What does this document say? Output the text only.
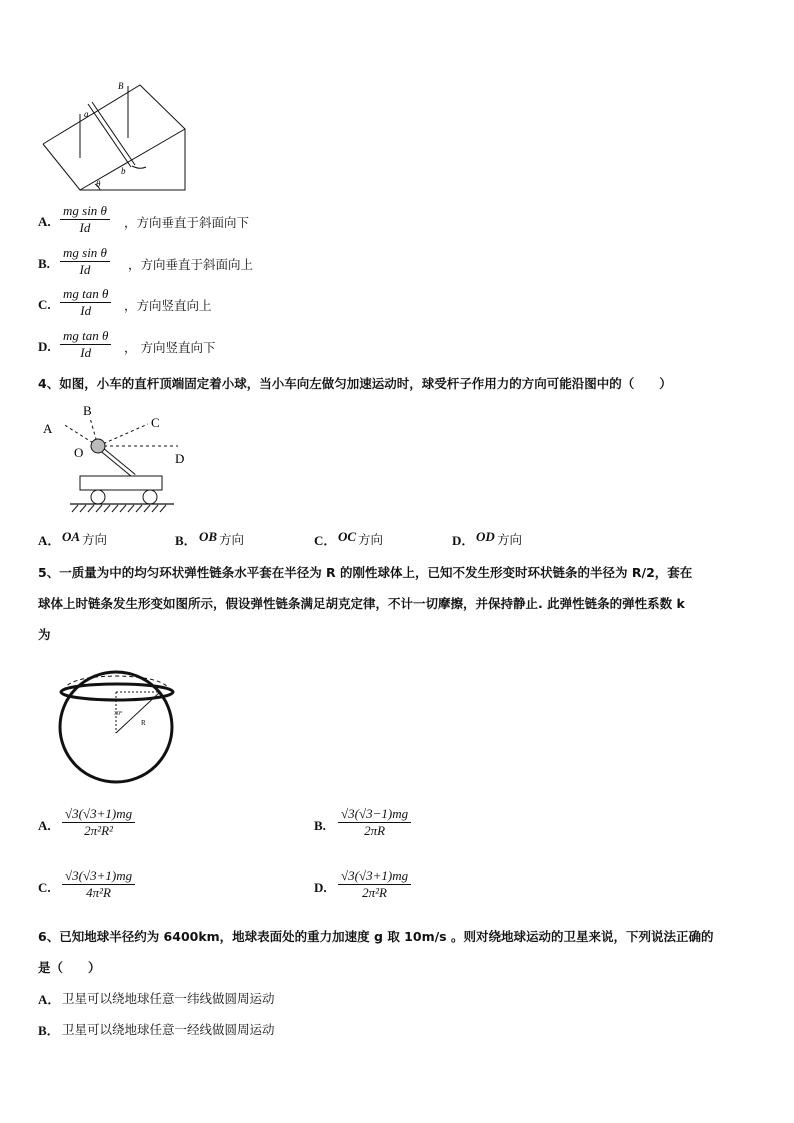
B
a
b
θ
A. $\frac{\text{mg sin θ}}{Id}$ ，方向垂直于斜面向下
B. $\frac{\text{mg sin θ}}{Id}$ ，方向垂直于斜面向上
C. $\frac{\text{mg tan θ}}{Id}$ ，方向竖直向上
D. $\frac{\text{mg tan θ}}{Id}$ ， 方向竖直向下
4、如图，小车的直杆顶端固定着小球，当小车向左做匀加速运动时，球受杆子作用力的方向可能沿图中的（　　）
A
B
C
D
O
A． OA 方向	B． OB 方向	C． OC 方向	D． OD 方向
5、一质量为中的均匀环状弹性链条水平套在半径为 R 的刚性球体上，已知不发生形变时环状链条的半径为 R/2，套在
球体上时链条发生形变如图所示，假设弹性链条满足胡克定律，不计一切摩擦，并保持静止. 此弹性链条的弹性系数 k
为
30°
R
A. $\frac{√3(√3+1)mg}{\text{2π²R²}}$	B. $\frac{√3(√3-1)mg}{2\pi R}$
C. $\frac{√3(√3+1)mg}{\text{4π²R}}$	D. $\frac{√3(√3+1)mg}{\text{2π²R}}$
6、已知地球半径约为 6400km，地球表面处的重力加速度 g 取 10m/s 。则对绕地球运动的卫星来说，下列说法正确的
是（　　）
A． 卫星可以绕地球任意一纬线做圆周运动
B． 卫星可以绕地球任意一经线做圆周运动
